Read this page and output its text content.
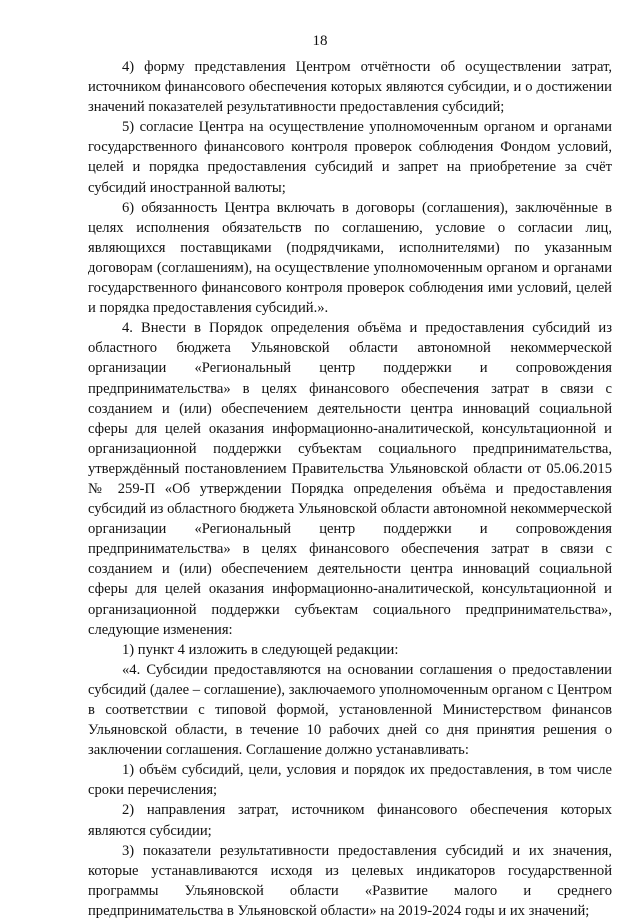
18

4) форму представления Центром отчётности об осуществлении затрат, источником финансового обеспечения которых являются субсидии, и о достижении значений показателей результативности предоставления субсидий;

5) согласие Центра на осуществление уполномоченным органом и органами государственного финансового контроля проверок соблюдения Фондом условий, целей и порядка предоставления субсидий и запрет на приобретение за счёт субсидий иностранной валюты;

6) обязанность Центра включать в договоры (соглашения), заключённые в целях исполнения обязательств по соглашению, условие о согласии лиц, являющихся поставщиками (подрядчиками, исполнителями) по указанным договорам (соглашениям), на осуществление уполномоченным органом и органами государственного финансового контроля проверок соблюдения ими условий, целей и порядка предоставления субсидий.».

4. Внести в Порядок определения объёма и предоставления субсидий из областного бюджета Ульяновской области автономной некоммерческой организации «Региональный центр поддержки и сопровождения предпринимательства» в целях финансового обеспечения затрат в связи с созданием и (или) обеспечением деятельности центра инноваций социальной сферы для целей оказания информационно-аналитической, консультационной и организационной поддержки субъектам социального предпринимательства, утверждённый постановлением Правительства Ульяновской области от 05.06.2015 № 259-П «Об утверждении Порядка определения объёма и предоставления субсидий из областного бюджета Ульяновской области автономной некоммерческой организации «Региональный центр поддержки и сопровождения предпринимательства» в целях финансового обеспечения затрат в связи с созданием и (или) обеспечением деятельности центра инноваций социальной сферы для целей оказания информационно-аналитической, консультационной и организационной поддержки субъектам социального предпринимательства», следующие изменения:

1) пункт 4 изложить в следующей редакции:

«4. Субсидии предоставляются на основании соглашения о предоставлении субсидий (далее – соглашение), заключаемого уполномоченным органом с Центром в соответствии с типовой формой, установленной Министерством финансов Ульяновской области, в течение 10 рабочих дней со дня принятия решения о заключении соглашения. Соглашение должно устанавливать:

1) объём субсидий, цели, условия и порядок их предоставления, в том числе сроки перечисления;

2) направления затрат, источником финансового обеспечения которых являются субсидии;

3) показатели результативности предоставления субсидий и их значения, которые устанавливаются исходя из целевых индикаторов государственной программы Ульяновской области «Развитие малого и среднего предпринимательства в Ульяновской области» на 2019-2024 годы и их значений;
